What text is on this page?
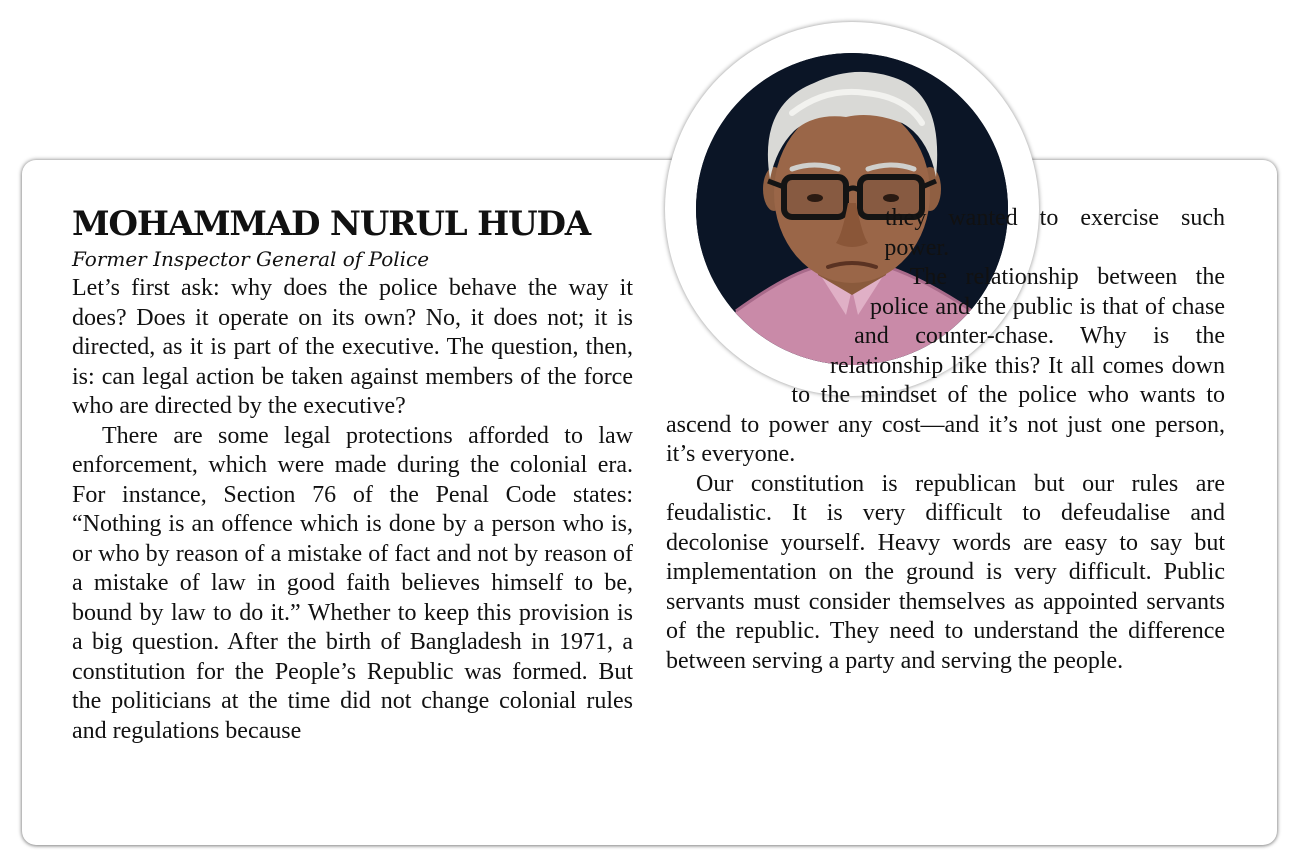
MOHAMMAD NURUL HUDA
Former Inspector General of Police

Let’s first ask: why does the police behave the way it does? Does it operate on its own? No, it does not; it is directed, as it is part of the executive. The question, then, is: can legal action be taken against members of the force who are directed by the executive?

There are some legal protections afforded to law enforcement, which were made during the colonial era. For instance, Section 76 of the Penal Code states: “Nothing is an offence which is done by a person who is, or who by reason of a mistake of fact and not by reason of a mistake of law in good faith believes himself to be, bound by law to do it.” Whether to keep this provision is a big question. After the birth of Bangladesh in 1971, a constitution for the People’s Republic was formed. But the politicians at the time did not change colonial rules and regulations because

they wanted to exercise such power.

The relationship between the police and the public is that of chase and counter-chase. Why is the relationship like this? It all comes down to the mindset of the police who wants to ascend to power any cost—and it’s not just one person, it’s everyone.

Our constitution is republican but our rules are feudalistic. It is very difficult to defeudalise and decolonise yourself. Heavy words are easy to say but implementation on the ground is very difficult. Public servants must consider themselves as appointed servants of the republic. They need to understand the difference between serving a party and serving the people.
